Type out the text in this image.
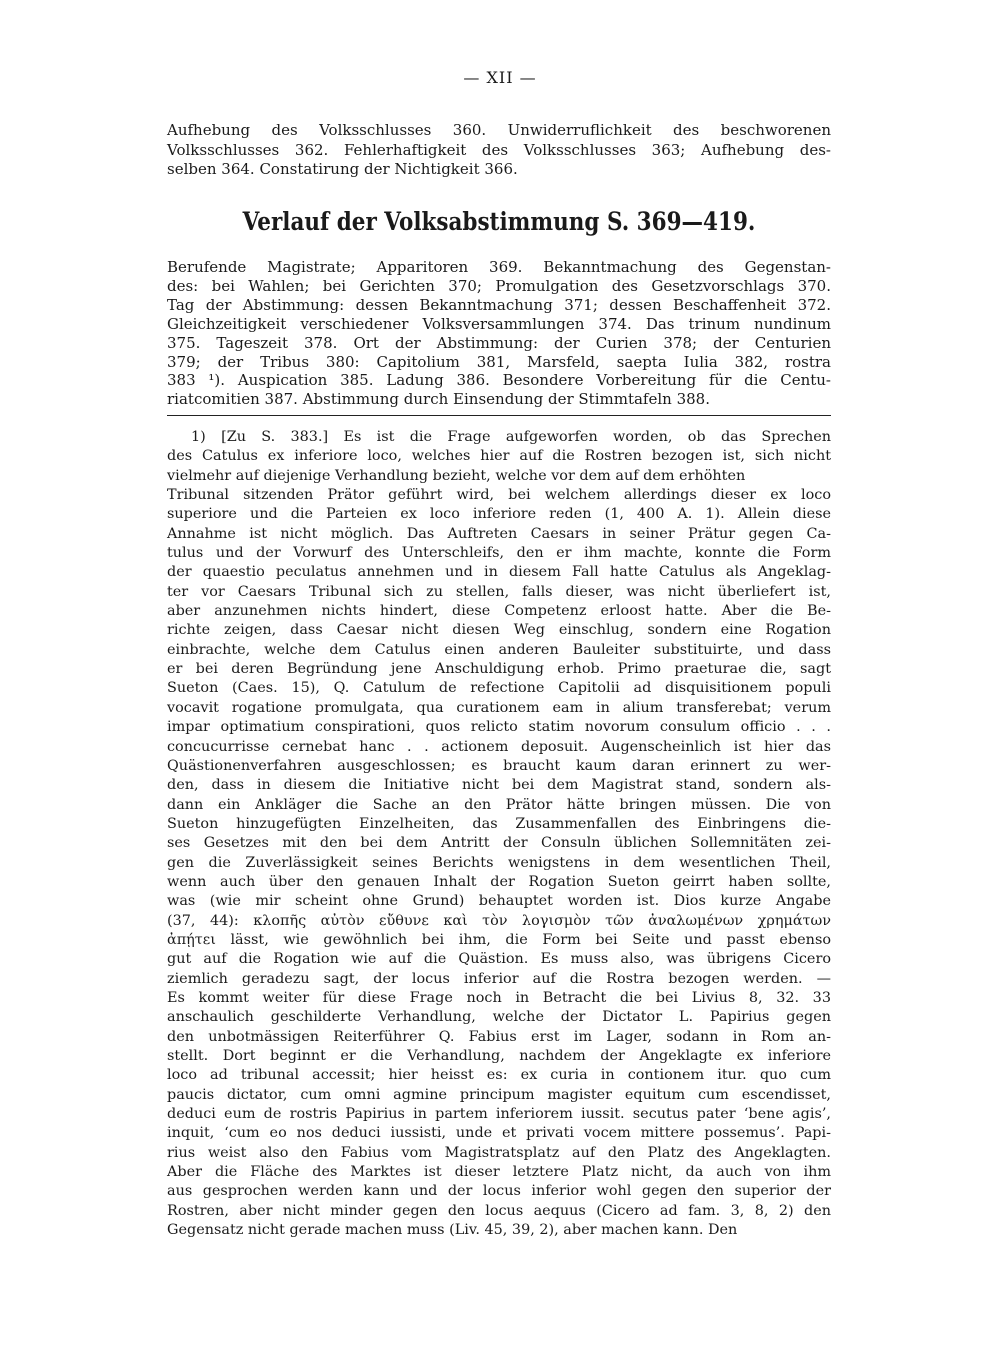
— XII —
Aufhebung des Volksschlusses 360. Unwiderruflichkeit des beschworenen
Volksschlusses 362. Fehlerhaftigkeit des Volksschlusses 363; Aufhebung des-
selben 364. Constatirung der Nichtigkeit 366.
Verlauf der Volksabstimmung S. 369—419.
Berufende Magistrate; Apparitoren 369. Bekanntmachung des Gegenstan-
des: bei Wahlen; bei Gerichten 370; Promulgation des Gesetzvorschlags 370.
Tag der Abstimmung: dessen Bekanntmachung 371; dessen Beschaffenheit 372.
Gleichzeitigkeit verschiedener Volksversammlungen 374. Das trinum nundinum
375. Tageszeit 378. Ort der Abstimmung: der Curien 378; der Centurien
379; der Tribus 380: Capitolium 381, Marsfeld, saepta Iulia 382, rostra
383 ¹). Auspication 385. Ladung 386. Besondere Vorbereitung für die Centu-
riatcomitien 387. Abstimmung durch Einsendung der Stimmtafeln 388.
1) [Zu S. 383.] Es ist die Frage aufgeworfen worden, ob das Sprechen
des Catulus ex inferiore loco, welches hier auf die Rostren bezogen ist, sich nicht
vielmehr auf diejenige Verhandlung bezieht, welche vor dem auf dem erhöhten
Tribunal sitzenden Prätor geführt wird, bei welchem allerdings dieser ex loco
superiore und die Parteien ex loco inferiore reden (1, 400 A. 1). Allein diese
Annahme ist nicht möglich. Das Auftreten Caesars in seiner Prätur gegen Ca-
tulus und der Vorwurf des Unterschleifs, den er ihm machte, konnte die Form
der quaestio peculatus annehmen und in diesem Fall hatte Catulus als Angeklag-
ter vor Caesars Tribunal sich zu stellen, falls dieser, was nicht überliefert ist,
aber anzunehmen nichts hindert, diese Competenz erloost hatte. Aber die Be-
richte zeigen, dass Caesar nicht diesen Weg einschlug, sondern eine Rogation
einbrachte, welche dem Catulus einen anderen Bauleiter substituirte, und dass
er bei deren Begründung jene Anschuldigung erhob. Primo praeturae die, sagt
Sueton (Caes. 15), Q. Catulum de refectione Capitolii ad disquisitionem populi
vocavit rogatione promulgata, qua curationem eam in alium transferebat; verum
impar optimatium conspirationi, quos relicto statim novorum consulum officio . . .
concucurrisse cernebat hanc . . actionem deposuit. Augenscheinlich ist hier das
Quästionenverfahren ausgeschlossen; es braucht kaum daran erinnert zu wer-
den, dass in diesem die Initiative nicht bei dem Magistrat stand, sondern als-
dann ein Ankläger die Sache an den Prätor hätte bringen müssen. Die von
Sueton hinzugefügten Einzelheiten, das Zusammenfallen des Einbringens die-
ses Gesetzes mit den bei dem Antritt der Consuln üblichen Sollemnitäten zei-
gen die Zuverlässigkeit seines Berichts wenigstens in dem wesentlichen Theil,
wenn auch über den genauen Inhalt der Rogation Sueton geirrt haben sollte,
was (wie mir scheint ohne Grund) behauptet worden ist. Dios kurze Angabe
(37, 44): κλοπῆς αὐτὸν εὔθυνε καὶ τὸν λογισμὸν τῶν ἀναλωμένων χρημάτων
ἀπῄτει lässt, wie gewöhnlich bei ihm, die Form bei Seite und passt ebenso
gut auf die Rogation wie auf die Quästion. Es muss also, was übrigens Cicero
ziemlich geradezu sagt, der locus inferior auf die Rostra bezogen werden. —
Es kommt weiter für diese Frage noch in Betracht die bei Livius 8, 32. 33
anschaulich geschilderte Verhandlung, welche der Dictator L. Papirius gegen
den unbotmässigen Reiterführer Q. Fabius erst im Lager, sodann in Rom an-
stellt. Dort beginnt er die Verhandlung, nachdem der Angeklagte ex inferiore
loco ad tribunal accessit; hier heisst es: ex curia in contionem itur. quo cum
paucis dictator, cum omni agmine principum magister equitum cum escendisset,
deduci eum de rostris Papirius in partem inferiorem iussit. secutus pater ‘bene agis’,
inquit, ‘cum eo nos deduci iussisti, unde et privati vocem mittere possemus’. Papi-
rius weist also den Fabius vom Magistratsplatz auf den Platz des Angeklagten.
Aber die Fläche des Marktes ist dieser letztere Platz nicht, da auch von ihm
aus gesprochen werden kann und der locus inferior wohl gegen den superior der
Rostren, aber nicht minder gegen den locus aequus (Cicero ad fam. 3, 8, 2) den
Gegensatz nicht gerade machen muss (Liv. 45, 39, 2), aber machen kann. Den
